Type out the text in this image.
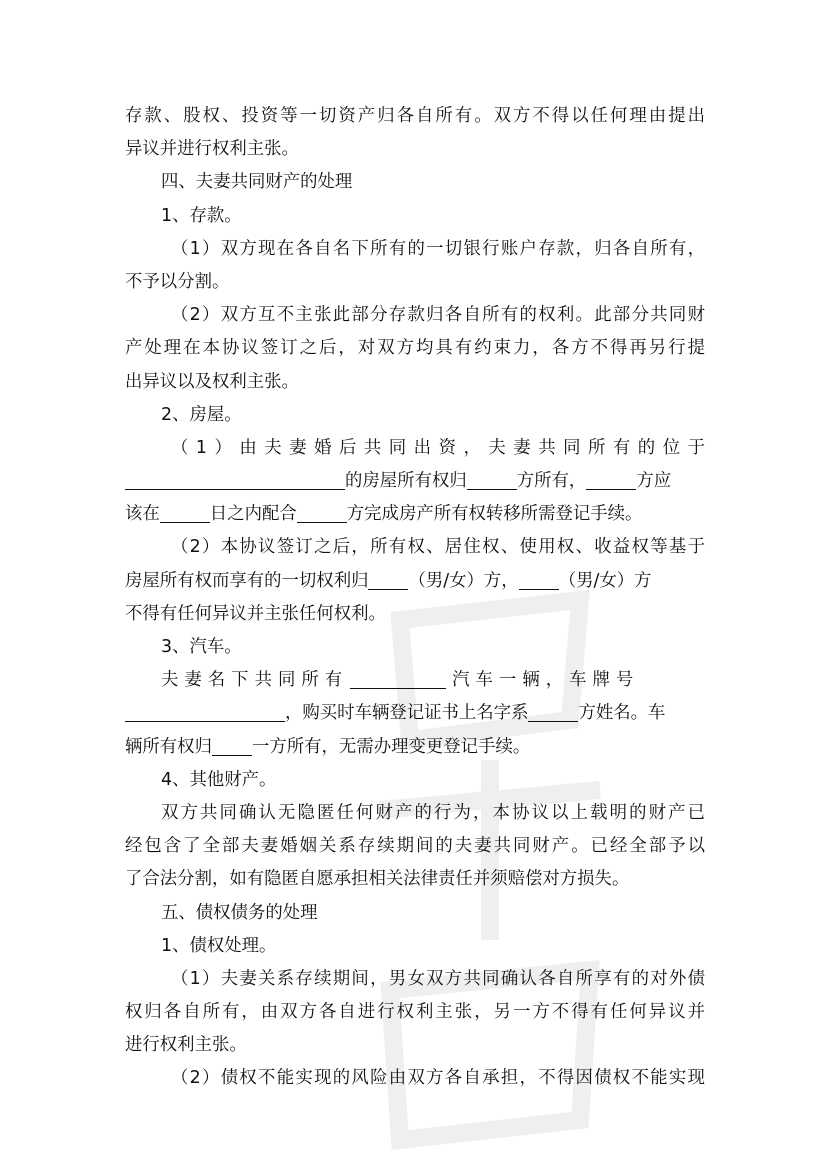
存款、股权、投资等一切资产归各自所有。双方不得以任何理由提出
异议并进行权利主张。
四、夫妻共同财产的处理
1、存款。
（1）双方现在各自名下所有的一切银行账户存款，归各自所有，
不予以分割。
（2）双方互不主张此部分存款归各自所有的权利。此部分共同财
产处理在本协议签订之后，对双方均具有约束力，各方不得再另行提
出异议以及权利主张。
2、房屋。
（1）由夫妻婚后共同出资，夫妻共同所有的位于
的房屋所有权归	方所有，	方应
该在	日之内配合	方完成房产所有权转移所需登记手续。
（2）本协议签订之后，所有权、居住权、使用权、收益权等基于
房屋所有权而享有的一切权利归 （男/女）方， （男/女）方
不得有任何异议并主张任何权利。
3、汽车。
夫妻名下共同所有	汽车一辆，车牌号
，购买时车辆登记证书上名字系	方姓名。车
辆所有权归 一方所有，无需办理变更登记手续。
4、其他财产。
双方共同确认无隐匿任何财产的行为，本协议以上载明的财产已
经包含了全部夫妻婚姻关系存续期间的夫妻共同财产。已经全部予以
了合法分割，如有隐匿自愿承担相关法律责任并须赔偿对方损失。
五、债权债务的处理
1、债权处理。
（1）夫妻关系存续期间，男女双方共同确认各自所享有的对外债
权归各自所有，由双方各自进行权利主张，另一方不得有任何异议并
进行权利主张。
（2）债权不能实现的风险由双方各自承担，不得因债权不能实现
